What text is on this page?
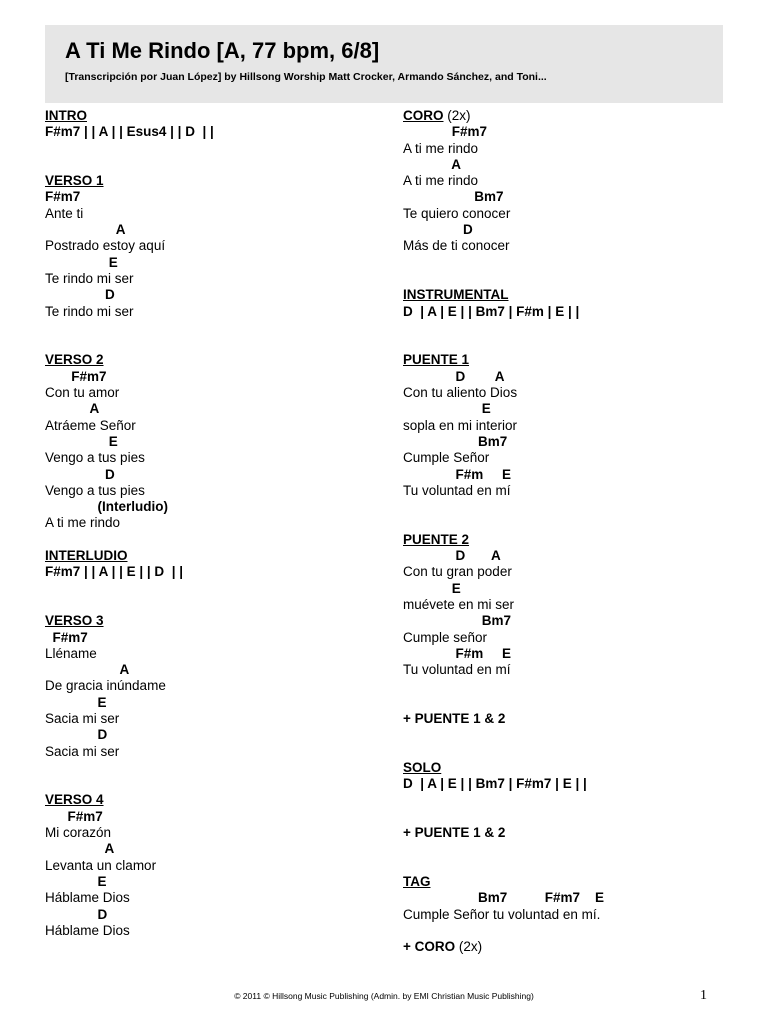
A Ti Me Rindo [A, 77 bpm, 6/8]
[Transcripción por Juan López] by Hillsong Worship Matt Crocker, Armando Sánchez, and Toni...
INTRO
F#m7 | | A | | Esus4 | | D  | |
VERSO 1
F#m7
Ante ti
A
Postrado estoy aquí
E
Te rindo mi ser
D
Te rindo mi ser
VERSO 2
F#m7
Con tu amor
A
Atráeme Señor
E
Vengo a tus pies
D
Vengo a tus pies
(Interludio)
A ti me rindo
INTERLUDIO
F#m7 | | A | | E | | D  | |
VERSO 3
F#m7
Lléname
A
De gracia inúndame
E
Sacia mi ser
D
Sacia mi ser
VERSO 4
F#m7
Mi corazón
A
Levanta un clamor
E
Háblame Dios
D
Háblame Dios
CORO (2x)
F#m7
A ti me rindo
A
A ti me rindo
Bm7
Te quiero conocer
D
Más de ti conocer
INSTRUMENTAL
D  | A | E | | Bm7 | F#m | E | |
PUENTE 1
D        A
Con tu aliento Dios
E
sopla en mi interior
Bm7
Cumple Señor
F#m     E
Tu voluntad en mí
PUENTE 2
D       A
Con tu gran poder
E
muévete en mi ser
Bm7
Cumple señor
F#m     E
Tu voluntad en mí
+ PUENTE 1 & 2
SOLO
D  | A | E | | Bm7 | F#m7 | E | |
+ PUENTE 1 & 2
TAG
Bm7          F#m7    E
Cumple Señor tu voluntad en mí.
+ CORO (2x)
© 2011 © Hillsong Music Publishing (Admin. by EMI Christian Music Publishing)	1
